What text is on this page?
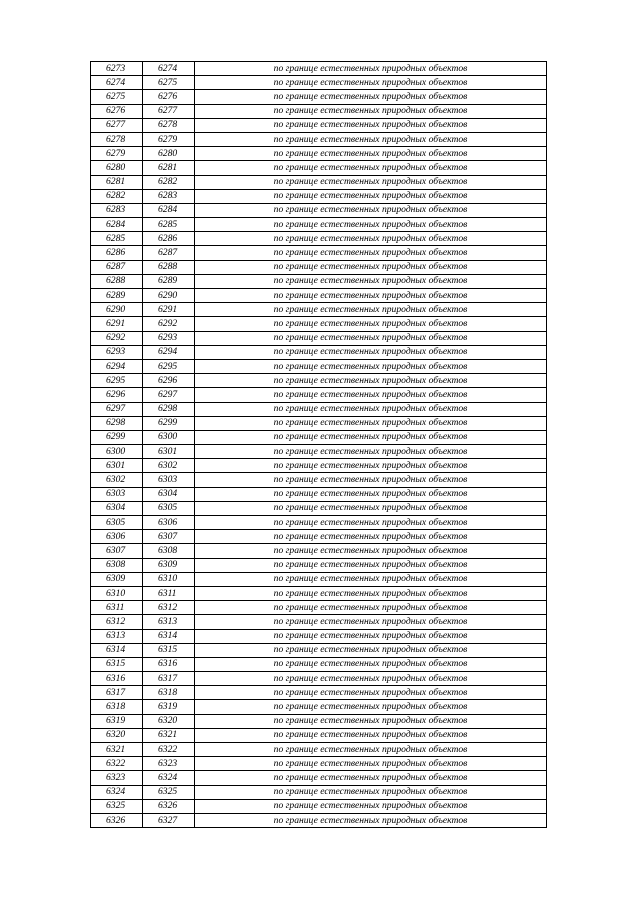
6273	6274	по границе естественных природных объектов
6274	6275	по границе естественных природных объектов
6275	6276	по границе естественных природных объектов
6276	6277	по границе естественных природных объектов
6277	6278	по границе естественных природных объектов
6278	6279	по границе естественных природных объектов
6279	6280	по границе естественных природных объектов
6280	6281	по границе естественных природных объектов
6281	6282	по границе естественных природных объектов
6282	6283	по границе естественных природных объектов
6283	6284	по границе естественных природных объектов
6284	6285	по границе естественных природных объектов
6285	6286	по границе естественных природных объектов
6286	6287	по границе естественных природных объектов
6287	6288	по границе естественных природных объектов
6288	6289	по границе естественных природных объектов
6289	6290	по границе естественных природных объектов
6290	6291	по границе естественных природных объектов
6291	6292	по границе естественных природных объектов
6292	6293	по границе естественных природных объектов
6293	6294	по границе естественных природных объектов
6294	6295	по границе естественных природных объектов
6295	6296	по границе естественных природных объектов
6296	6297	по границе естественных природных объектов
6297	6298	по границе естественных природных объектов
6298	6299	по границе естественных природных объектов
6299	6300	по границе естественных природных объектов
6300	6301	по границе естественных природных объектов
6301	6302	по границе естественных природных объектов
6302	6303	по границе естественных природных объектов
6303	6304	по границе естественных природных объектов
6304	6305	по границе естественных природных объектов
6305	6306	по границе естественных природных объектов
6306	6307	по границе естественных природных объектов
6307	6308	по границе естественных природных объектов
6308	6309	по границе естественных природных объектов
6309	6310	по границе естественных природных объектов
6310	6311	по границе естественных природных объектов
6311	6312	по границе естественных природных объектов
6312	6313	по границе естественных природных объектов
6313	6314	по границе естественных природных объектов
6314	6315	по границе естественных природных объектов
6315	6316	по границе естественных природных объектов
6316	6317	по границе естественных природных объектов
6317	6318	по границе естественных природных объектов
6318	6319	по границе естественных природных объектов
6319	6320	по границе естественных природных объектов
6320	6321	по границе естественных природных объектов
6321	6322	по границе естественных природных объектов
6322	6323	по границе естественных природных объектов
6323	6324	по границе естественных природных объектов
6324	6325	по границе естественных природных объектов
6325	6326	по границе естественных природных объектов
6326	6327	по границе естественных природных объектов
